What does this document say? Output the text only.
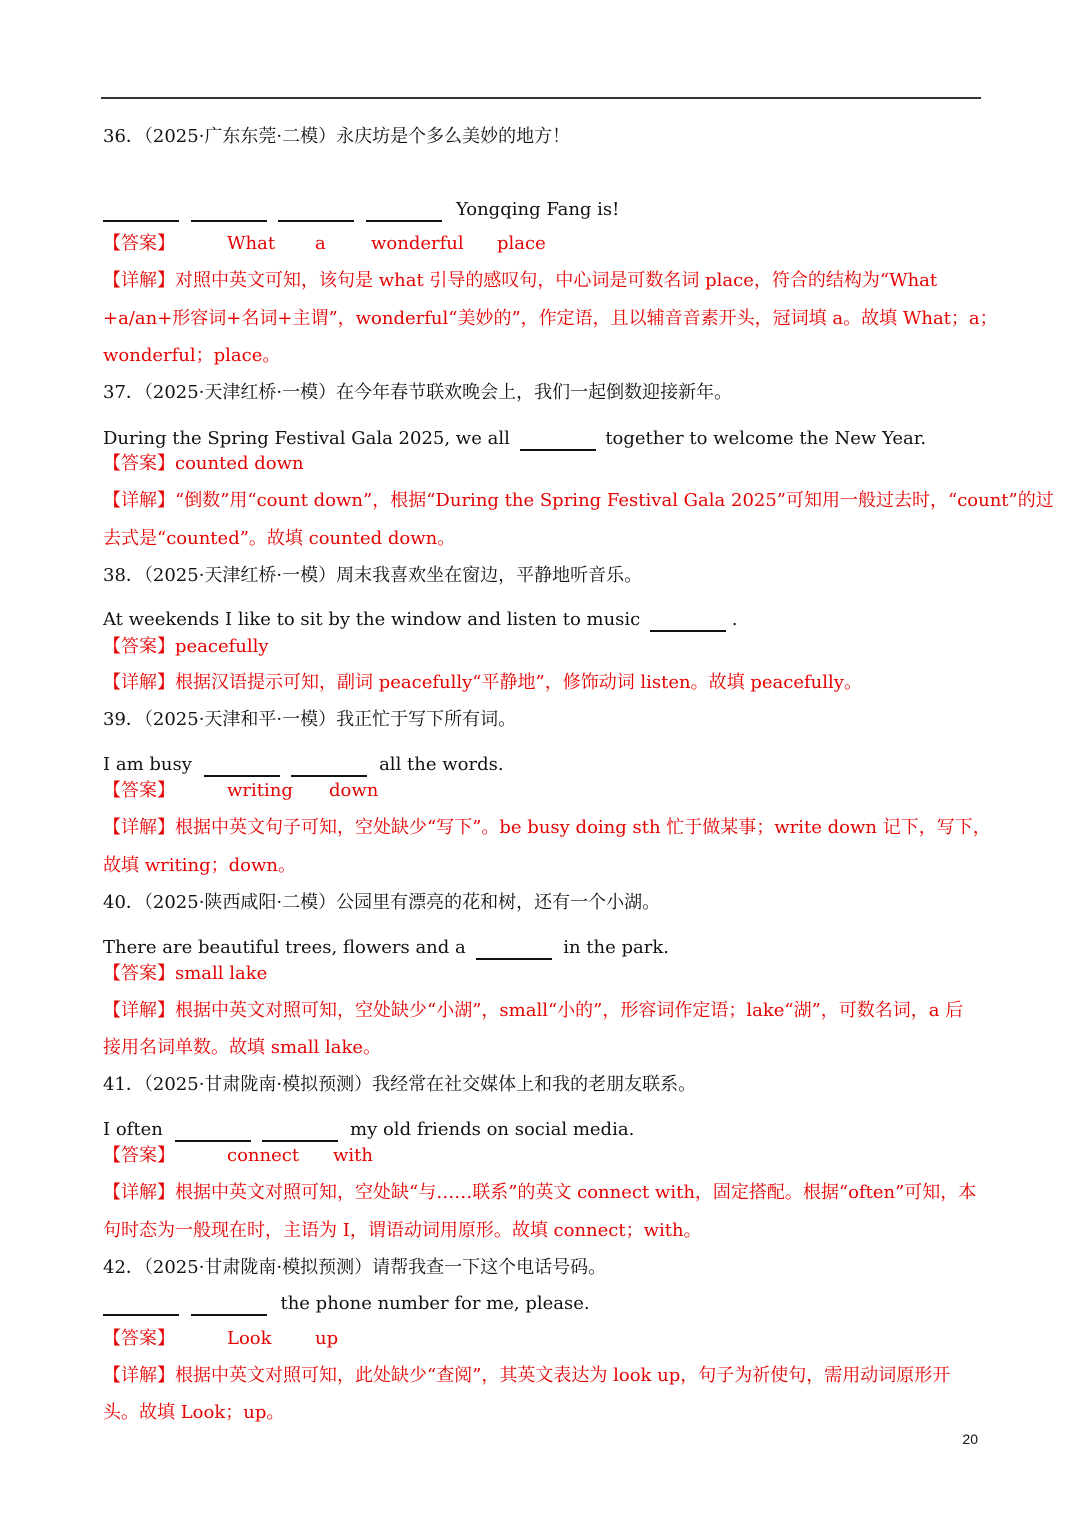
36．（2025·广东东莞·二模）永庆坊是个多么美妙的地方！
Yongqing Fang is!
【答案】	What a	wonderful place
【详解】对照中英文可知，该句是 what 引导的感叹句，中心词是可数名词 place，符合的结构为“What
+a/an+形容词+名词+主谓”，wonderful“美妙的”，作定语，且以辅音音素开头，冠词填 a。故填 What；a；
wonderful；place。
37．（2025·天津红桥·一模）在今年春节联欢晚会上，我们一起倒数迎接新年。
During the Spring Festival Gala 2025, we all	together to welcome the New Year.
【答案】counted down
【详解】“倒数”用“count down”，根据“During the Spring Festival Gala 2025”可知用一般过去时，“count”的过
去式是“counted”。故填 counted down。
38．（2025·天津红桥·一模）周末我喜欢坐在窗边，平静地听音乐。
At weekends I like to sit by the window and listen to music	.
【答案】peacefully
【详解】根据汉语提示可知，副词 peacefully“平静地”，修饰动词 listen。故填 peacefully。
39．（2025·天津和平·一模）我正忙于写下所有词。
I am busy	all the words.
【答案】	writing down
【详解】根据中英文句子可知，空处缺少“写下”。be busy doing sth 忙于做某事；write down 记下，写下，
故填 writing；down。
40．（2025·陕西咸阳·二模）公园里有漂亮的花和树，还有一个小湖。
There are beautiful trees, flowers and a	in the park.
【答案】small lake
【详解】根据中英文对照可知，空处缺少“小湖”，small“小的”，形容词作定语；lake“湖”，可数名词，a 后
接用名词单数。故填 small lake。
41．（2025·甘肃陇南·模拟预测）我经常在社交媒体上和我的老朋友联系。
I often	my old friends on social media.
【答案】	connect with
【详解】根据中英文对照可知，空处缺“与……联系”的英文 connect with，固定搭配。根据“often”可知，本
句时态为一般现在时，主语为 I，谓语动词用原形。故填 connect；with。
42．（2025·甘肃陇南·模拟预测）请帮我查一下这个电话号码。
the phone number for me, please.
【答案】	Look up
【详解】根据中英文对照可知，此处缺少“查阅”，其英文表达为 look up，句子为祈使句，需用动词原形开
头。故填 Look；up。
20
